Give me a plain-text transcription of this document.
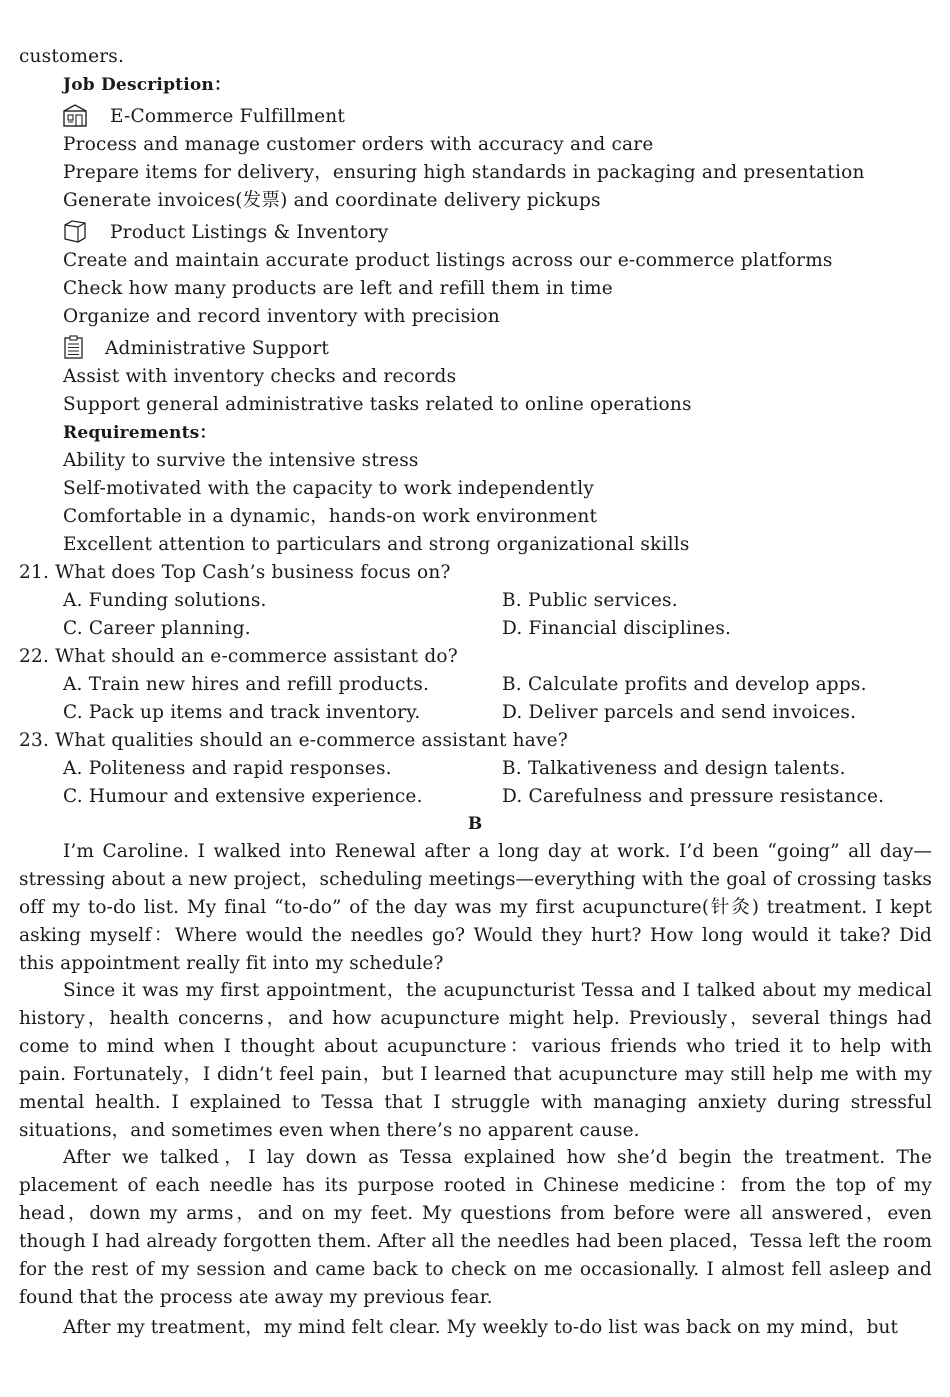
customers.
Job Description：
E-Commerce Fulfillment
Process and manage customer orders with accuracy and care
Prepare items for delivery，ensuring high standards in packaging and presentation
Generate invoices(发票) and coordinate delivery pickups
Product Listings & Inventory
Create and maintain accurate product listings across our e-commerce platforms
Check how many products are left and refill them in time
Organize and record inventory with precision
Administrative Support
Assist with inventory checks and records
Support general administrative tasks related to online operations
Requirements：
Ability to survive the intensive stress
Self-motivated with the capacity to work independently
Comfortable in a dynamic，hands-on work environment
Excellent attention to particulars and strong organizational skills
21. What does Top Cash’s business focus on?
A. Funding solutions.	B. Public services.
C. Career planning.	D. Financial disciplines.
22. What should an e-commerce assistant do?
A. Train new hires and refill products.	B. Calculate profits and develop apps.
C. Pack up items and track inventory.	D. Deliver parcels and send invoices.
23. What qualities should an e-commerce assistant have?
A. Politeness and rapid responses.	B. Talkativeness and design talents.
C. Humour and extensive experience.	D. Carefulness and pressure resistance.
B
I’m Caroline. I walked into Renewal after a long day at work. I’d been “going” all day—stressing about a new project，scheduling meetings—everything with the goal of crossing tasks off my to-do list. My final “to-do” of the day was my first acupuncture(针灸) treatment. I kept asking myself：Where would the needles go? Would they hurt? How long would it take? Did this appointment really fit into my schedule?
Since it was my first appointment，the acupuncturist Tessa and I talked about my medical history，health concerns，and how acupuncture might help. Previously，several things had come to mind when I thought about acupuncture：various friends who tried it to help with pain. Fortunately，I didn’t feel pain，but I learned that acupuncture may still help me with my mental health. I explained to Tessa that I struggle with managing anxiety during stressful situations，and sometimes even when there’s no apparent cause.
After we talked，I lay down as Tessa explained how she’d begin the treatment. The placement of each needle has its purpose rooted in Chinese medicine：from the top of my head，down my arms，and on my feet. My questions from before were all answered，even though I had already forgotten them. After all the needles had been placed，Tessa left the room for the rest of my session and came back to check on me occasionally. I almost fell asleep and found that the process ate away my previous fear.
After my treatment，my mind felt clear. My weekly to-do list was back on my mind，but
